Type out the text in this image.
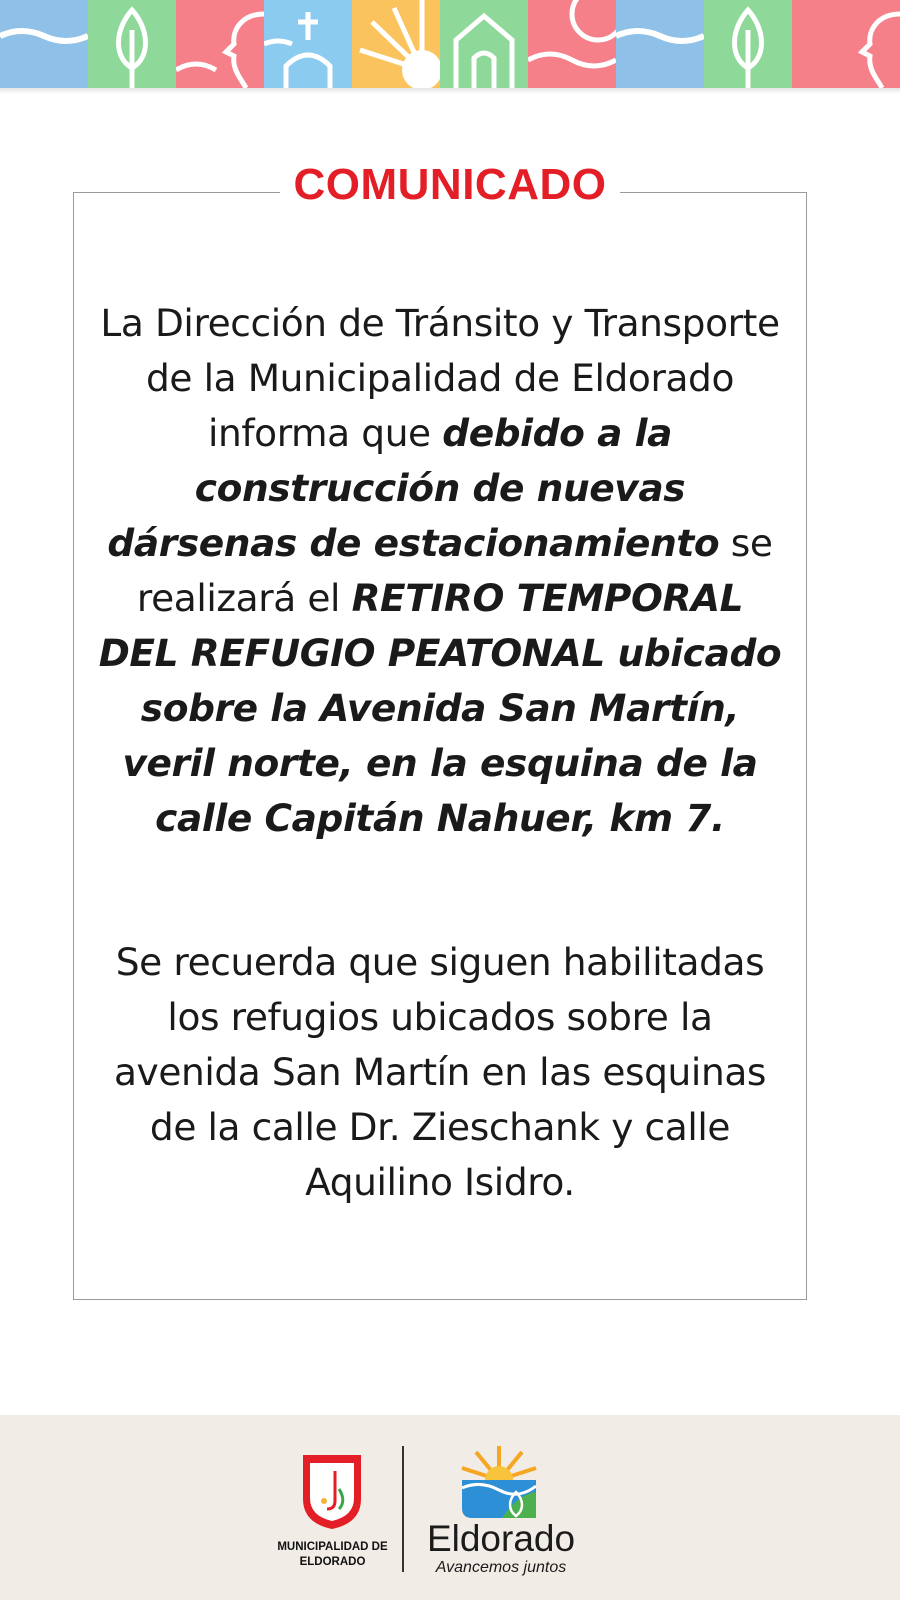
COMUNICADO
La Dirección de Tránsito y Transporte de la Municipalidad de Eldorado informa que debido a la construcción de nuevas dársenas de estacionamiento se realizará el RETIRO TEMPORAL DEL REFUGIO PEATONAL ubicado sobre la Avenida San Martín, veril norte, en la esquina de la calle Capitán Nahuer, km 7.
Se recuerda que siguen habilitadas los refugios ubicados sobre la avenida San Martín en las esquinas de la calle Dr. Zieschank y calle Aquilino Isidro.
MUNICIPALIDAD DE ELDORADO
Eldorado
Avancemos juntos
